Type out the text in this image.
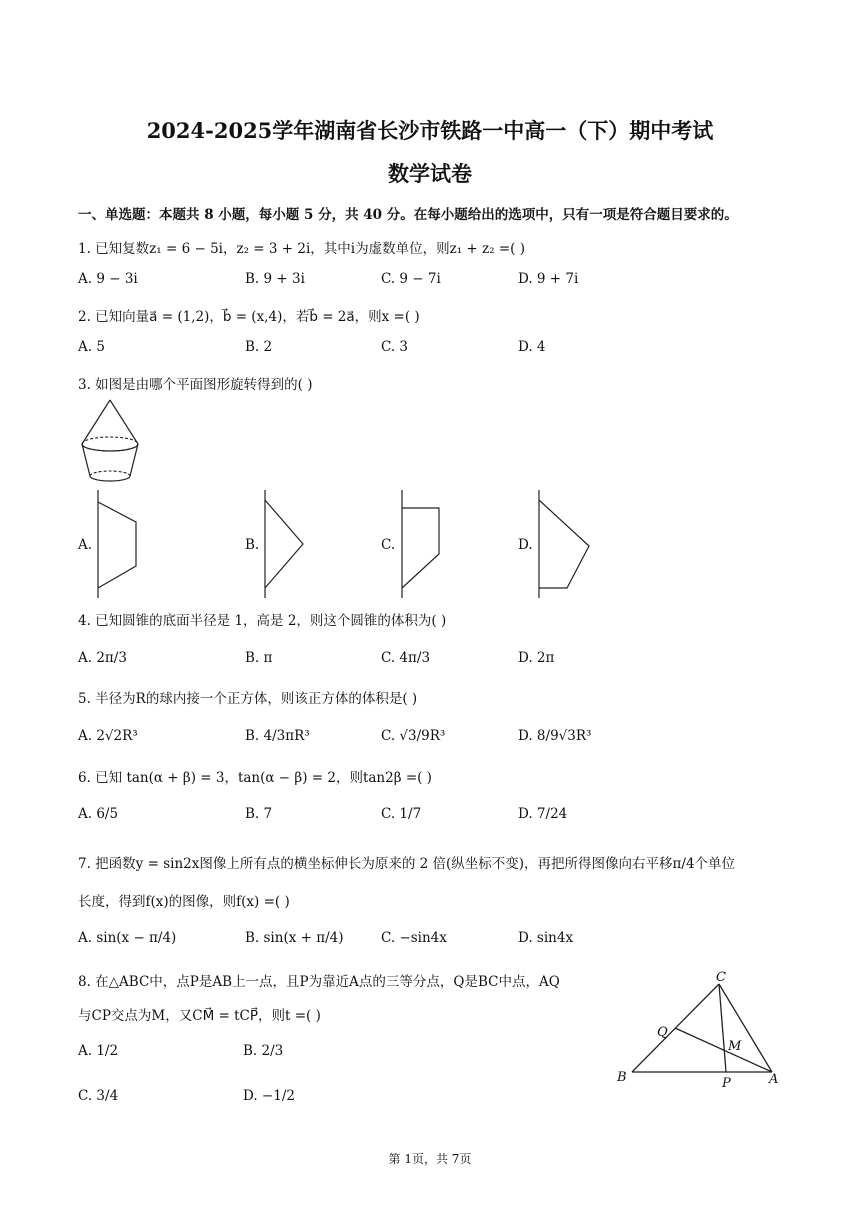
2024-2025学年湖南省长沙市铁路一中高一（下）期中考试
数学试卷
一、单选题：本题共 8 小题，每小题 5 分，共 40 分。在每小题给出的选项中，只有一项是符合题目要求的。
1. 已知复数z₁ = 6 − 5i，z₂ = 3 + 2i，其中i为虚数单位，则z₁ + z₂ =( )
A. 9 − 3i	B. 9 + 3i	C. 9 − 7i	D. 9 + 7i
2. 已知向量a⃗ = (1,2)，b⃗ = (x,4)，若b⃗ = 2a⃗，则x =( )
A. 5	B. 2	C. 3	D. 4
3. 如图是由哪个平面图形旋转得到的( )
A.	B.	C.	D.
4. 已知圆锥的底面半径是 1，高是 2，则这个圆锥的体积为( )
A. 2π/3	B. π	C. 4π/3	D. 2π
5. 半径为R的球内接一个正方体，则该正方体的体积是( )
A. 2√2R³	B. 4/3πR³	C. √3/9R³	D. 8/9√3R³
6. 已知 tan(α + β) = 3，tan(α − β) = 2，则tan2β =( )
A. 6/5	B. 7	C. 1/7	D. 7/24
7. 把函数y = sin2x图像上所有点的横坐标伸长为原来的 2 倍(纵坐标不变)，再把所得图像向右平移π/4个单位
长度，得到f(x)的图像，则f(x) =( )
A. sin(x − π/4)	B. sin(x + π/4)	C. −sin4x	D. sin4x
8. 在△ABC中，点P是AB上一点，且P为靠近A点的三等分点，Q是BC中点，AQ
与CP交点为M，又CM⃗ = tCP⃗，则t =( )
A. 1/2	B. 2/3
C. 3/4	D. −1/2
C
Q
M
B	P	A
第 1页，共 7页
